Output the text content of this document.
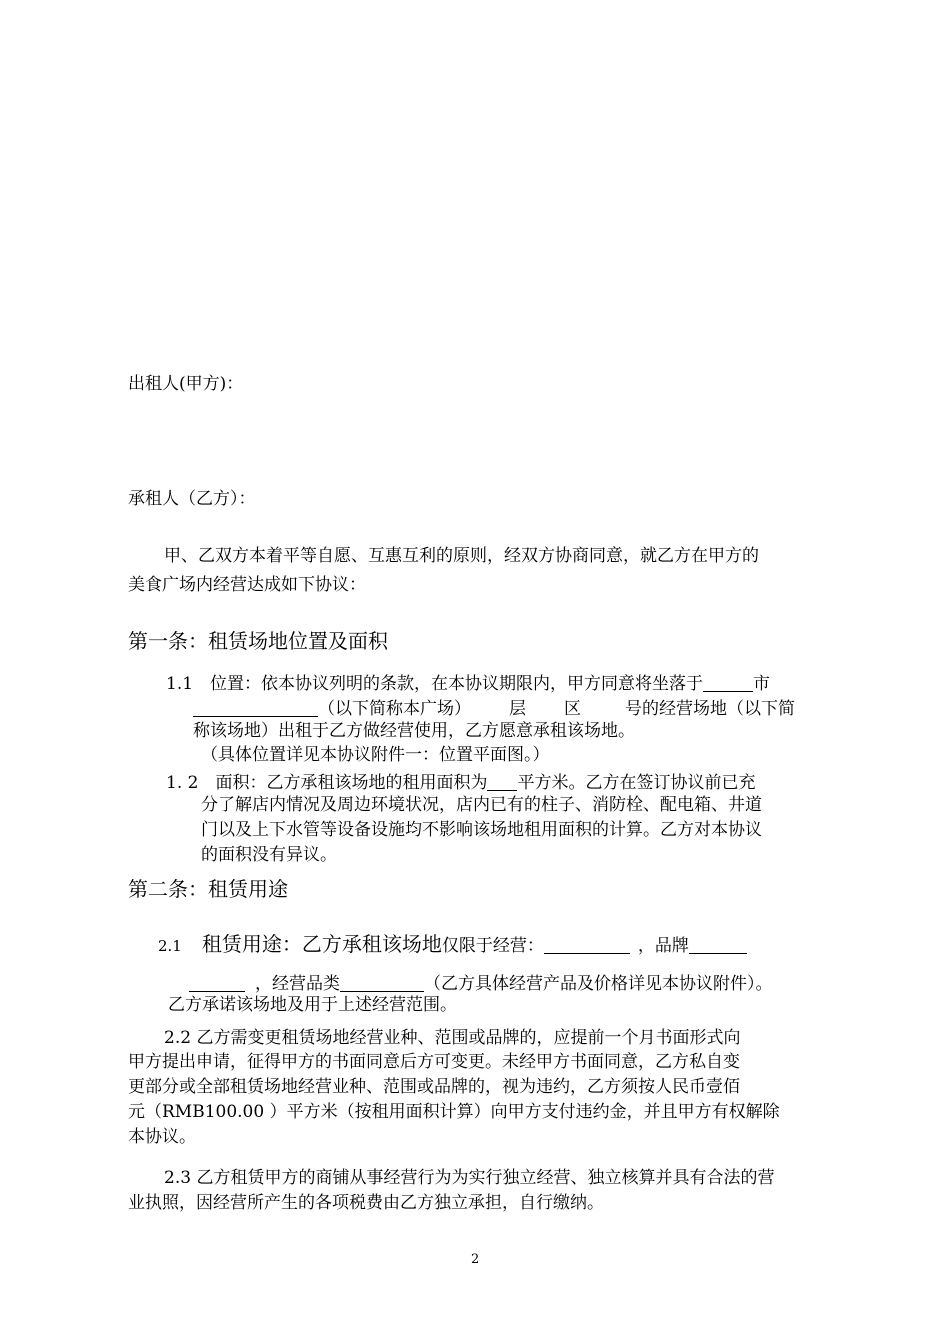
出租人(甲方)：
承租人（乙方）：
甲、乙双方本着平等自愿、互惠互利的原则，经双方协商同意，就乙方在甲方的
美食广场内经营达成如下协议：
第一条：租赁场地位置及面积
1.1　位置：依本协议列明的条款，在本协议期限内，甲方同意将坐落于	市
（以下简称本广场） 层 区	号的经营场地（以下简
称该场地）出租于乙方做经营使用，乙方愿意承租该场地。
（具体位置详见本协议附件一：位置平面图。）
1. 2　面积：乙方承租该场地的租用面积为 平方米。乙方在签订协议前已充
分了解店内情况及周边环境状况，店内已有的柱子、消防栓、配电箱、井道
门以及上下水管等设备设施均不影响该场地租用面积的计算。乙方对本协议
的面积没有异议。
第二条：租赁用途
2.1 租赁用途：乙方承租该场地仅限于经营：	，品牌
，经营品类	（乙方具体经营产品及价格详见本协议附件）。
乙方承诺该场地及用于上述经营范围。
2.2 乙方需变更租赁场地经营业种、范围或品牌的，应提前一个月书面形式向
甲方提出申请，征得甲方的书面同意后方可变更。未经甲方书面同意，乙方私自变
更部分或全部租赁场地经营业种、范围或品牌的，视为违约，乙方须按人民币壹佰
元（RMB100.00 ）平方米（按租用面积计算）向甲方支付违约金，并且甲方有权解除
本协议。
2.3 乙方租赁甲方的商铺从事经营行为为实行独立经营、独立核算并具有合法的营
业执照，因经营所产生的各项税费由乙方独立承担，自行缴纳。
2
